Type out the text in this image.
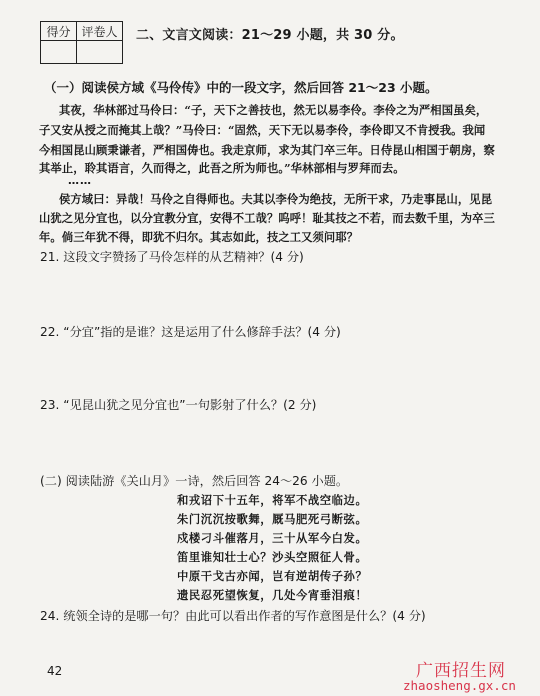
得分	评卷人
	二、文言文阅读：21～29 小题，共 30 分。
（一）阅读侯方域《马伶传》中的一段文字，然后回答 21～23 小题。
其夜，华林部过马伶曰：“子，天下之善技也，然无以易李伶。李伶之为严相国虽矣，
子又安从授之而掩其上哉？”马伶曰：“固然，天下无以易李伶，李伶即又不肯授我。我闻
今相国昆山顾秉谦者，严相国俦也。我走京师，求为其门卒三年。日侍昆山相国于朝房，察
其举止，聆其语言，久而得之，此吾之所为师也。”华林部相与罗拜而去。
……
侯方域曰：异哉！马伶之自得师也。夫其以李伶为绝技，无所干求，乃走事昆山，见昆
山犹之见分宜也，以分宜教分宜，安得不工哉？呜呼！耻其技之不若，而去数千里，为卒三
年。倘三年犹不得，即犹不归尔。其志如此，技之工又须问耶？
21. 这段文字赞扬了马伶怎样的从艺精神？(4 分)
22. “分宜”指的是谁？这是运用了什么修辞手法？(4 分)
23. “见昆山犹之见分宜也”一句影射了什么？(2 分)
(二) 阅读陆游《关山月》一诗，然后回答 24～26 小题。
和戎诏下十五年，将军不战空临边。
朱门沉沉按歌舞，厩马肥死弓断弦。
戍楼刁斗催落月，三十从军今白发。
笛里谁知壮士心？沙头空照征人骨。
中原干戈古亦闻，岂有逆胡传子孙？
遗民忍死望恢复，几处今宵垂泪痕！
24. 统领全诗的是哪一句？由此可以看出作者的写作意图是什么？(4 分)
42	广西招生网
zhaosheng.gx.cn
